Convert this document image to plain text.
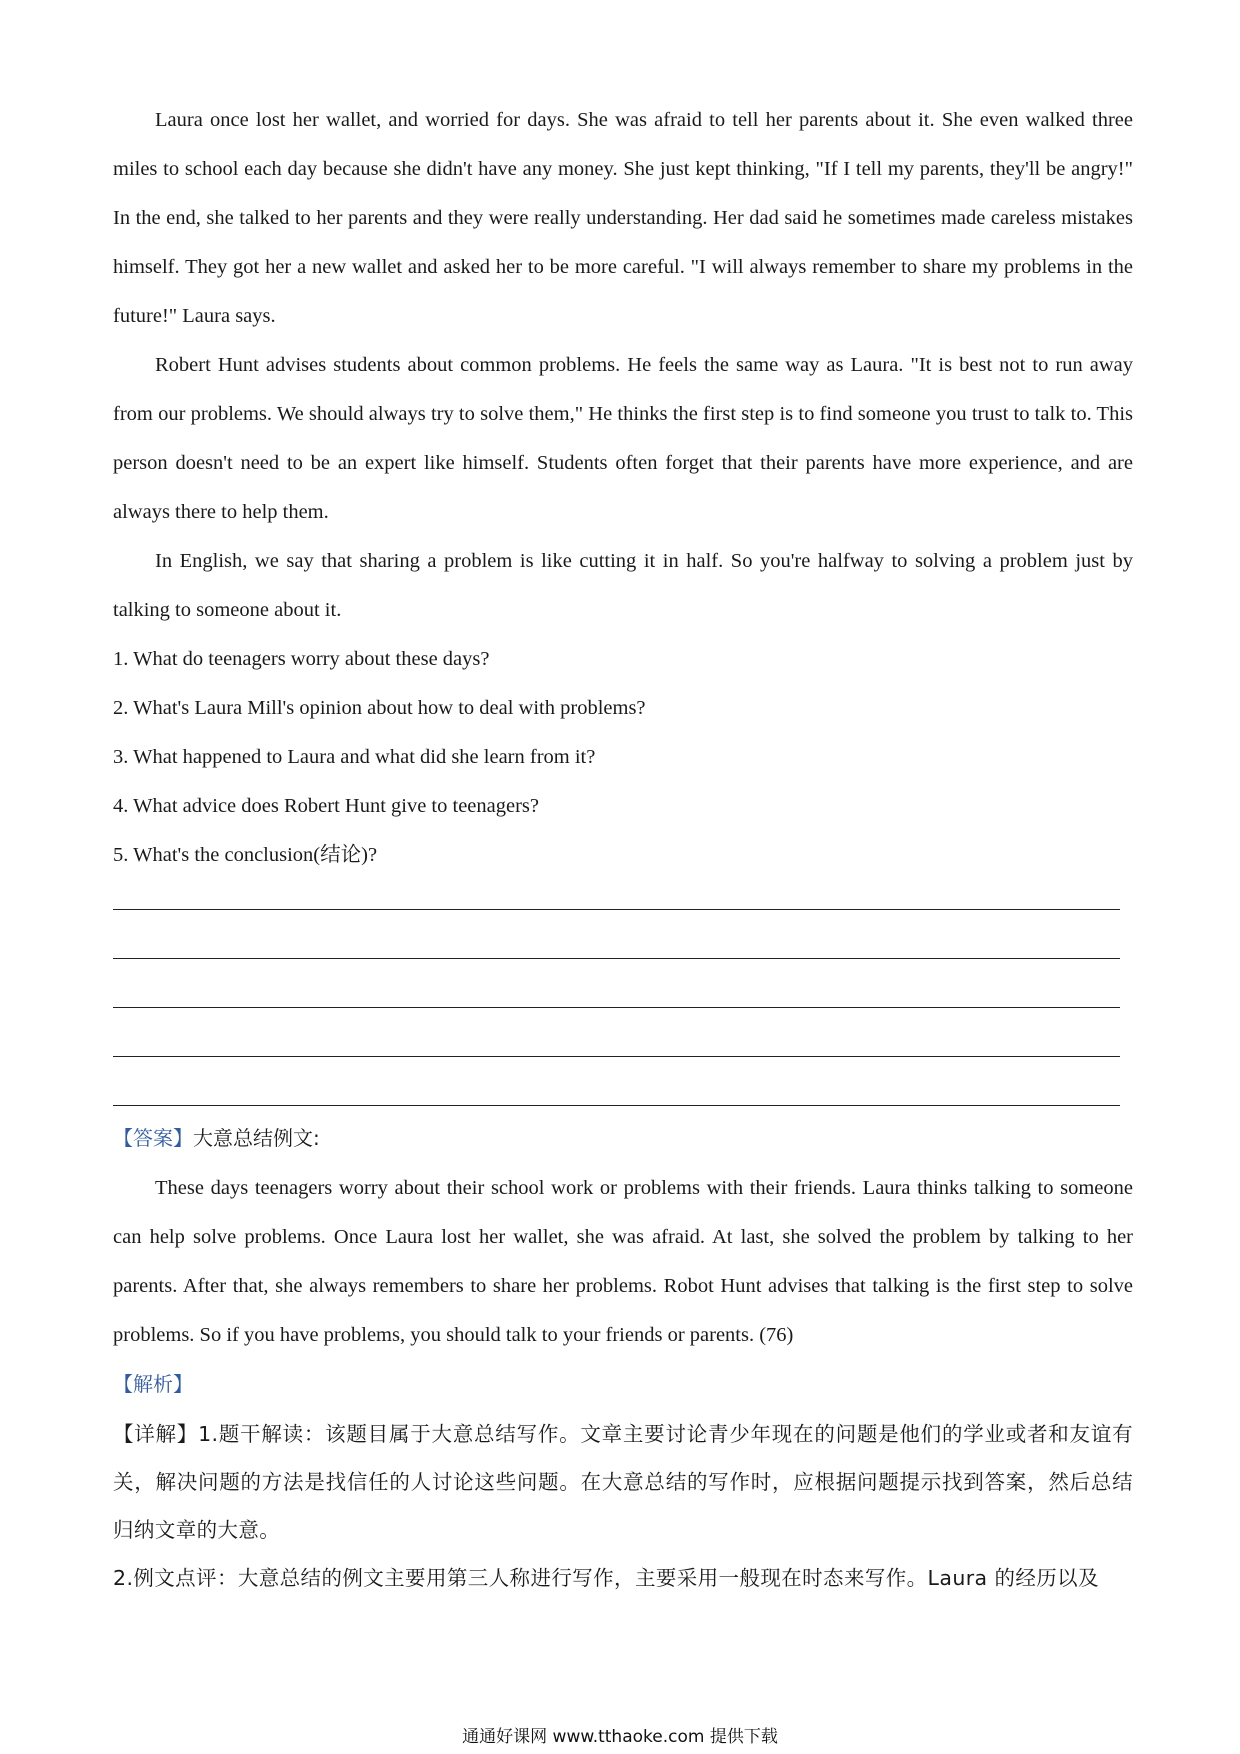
Laura once lost her wallet, and worried for days. She was afraid to tell her parents about it. She even walked three miles to school each day because she didn't have any money. She just kept thinking, "If I tell my parents, they'll be angry!" In the end, she talked to her parents and they were really understanding. Her dad said he sometimes made careless mistakes himself. They got her a new wallet and asked her to be more careful. "I will always remember to share my problems in the future!" Laura says.

Robert Hunt advises students about common problems. He feels the same way as Laura. "It is best not to run away from our problems. We should always try to solve them," He thinks the first step is to find someone you trust to talk to. This person doesn't need to be an expert like himself. Students often forget that their parents have more experience, and are always there to help them.

In English, we say that sharing a problem is like cutting it in half. So you're halfway to solving a problem just by talking to someone about it.

1. What do teenagers worry about these days?

2. What's Laura Mill's opinion about how to deal with problems?

3. What happened to Laura and what did she learn from it?

4. What advice does Robert Hunt give to teenagers?

5. What's the conclusion(结论)?

【答案】大意总结例文:

These days teenagers worry about their school work or problems with their friends. Laura thinks talking to someone can help solve problems. Once Laura lost her wallet, she was afraid. At last, she solved the problem by talking to her parents. After that, she always remembers to share her problems. Robot Hunt advises that talking is the first step to solve problems. So if you have problems, you should talk to your friends or parents. (76)

【解析】

【详解】1.题干解读：该题目属于大意总结写作。文章主要讨论青少年现在的问题是他们的学业或者和友谊有关，解决问题的方法是找信任的人讨论这些问题。在大意总结的写作时，应根据问题提示找到答案，然后总结归纳文章的大意。

2.例文点评：大意总结的例文主要用第三人称进行写作，主要采用一般现在时态来写作。Laura 的经历以及

通通好课网 www.tthaoke.com 提供下载
